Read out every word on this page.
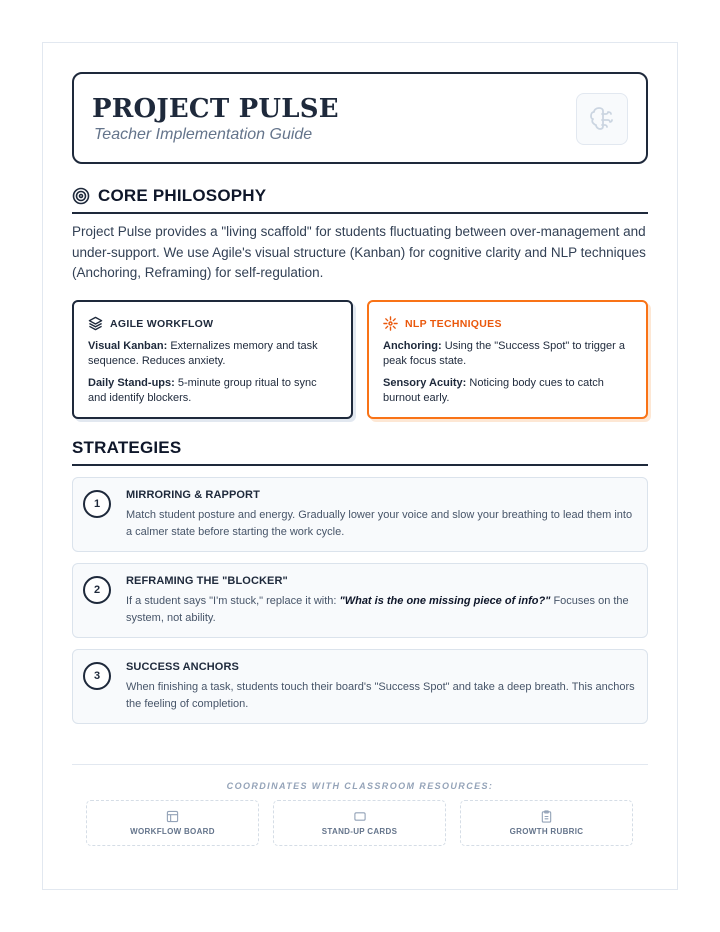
PROJECT PULSE
Teacher Implementation Guide
CORE PHILOSOPHY
Project Pulse provides a "living scaffold" for students fluctuating between over-management and under-support. We use Agile's visual structure (Kanban) for cognitive clarity and NLP techniques (Anchoring, Reframing) for self-regulation.
AGILE WORKFLOW

Visual Kanban: Externalizes memory and task sequence. Reduces anxiety.

Daily Stand-ups: 5-minute group ritual to sync and identify blockers.

NLP TECHNIQUES

Anchoring: Using the "Success Spot" to trigger a peak focus state.

Sensory Acuity: Noticing body cues to catch burnout early.

STRATEGIES
1
MIRRORING & RAPPORT
Match student posture and energy. Gradually lower your voice and slow your breathing to lead them into a calmer state before starting the work cycle.
2
REFRAMING THE "BLOCKER"
If a student says "I'm stuck," replace it with: "What is the one missing piece of info?" Focuses on the system, not ability.
3
SUCCESS ANCHORS
When finishing a task, students touch their board's "Success Spot" and take a deep breath. This anchors the feeling of completion.
COORDINATES WITH CLASSROOM RESOURCES:
WORKFLOW BOARD	STAND-UP CARDS	GROWTH RUBRIC
